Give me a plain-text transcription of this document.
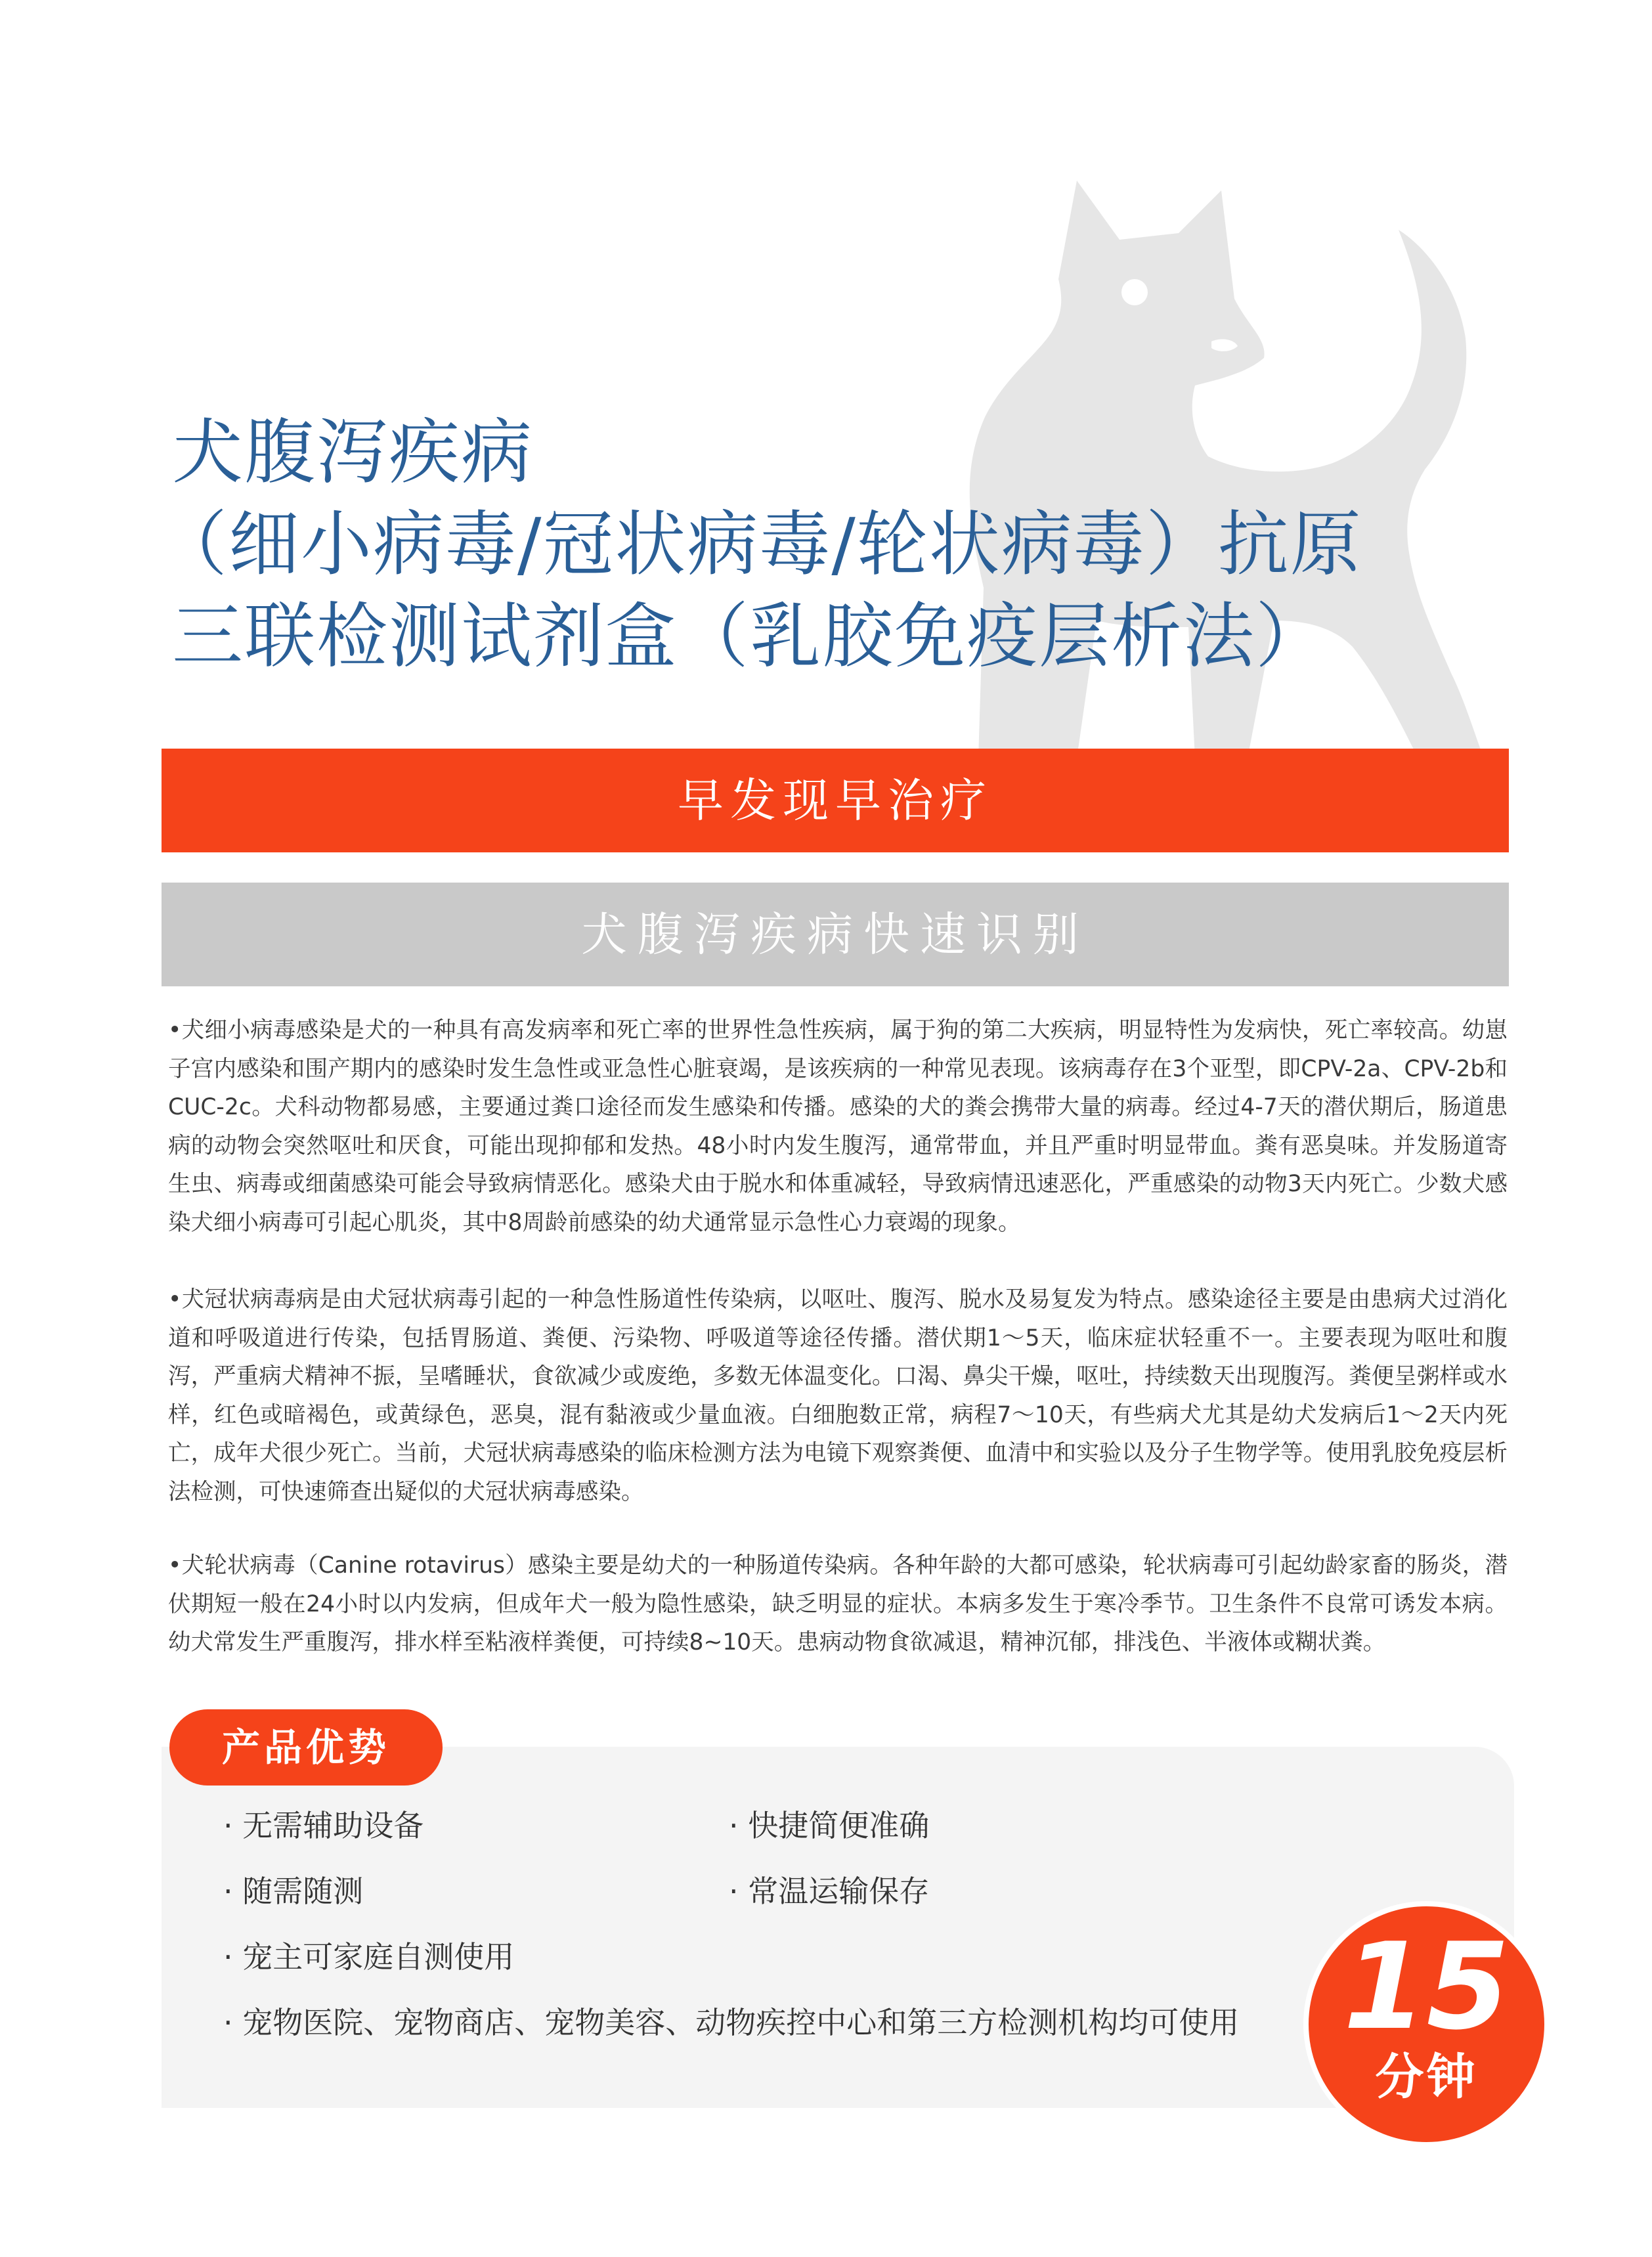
犬腹泻疾病
（细小病毒/冠状病毒/轮状病毒）抗原
三联检测试剂盒（乳胶免疫层析法）
早发现早治疗
犬腹泻疾病快速识别
•犬细小病毒感染是犬的一种具有高发病率和死亡率的世界性急性疾病，属于狗的第二大疾病，明显特性为发病快，死亡率较高。幼崽子宫内感染和围产期内的感染时发生急性或亚急性心脏衰竭，是该疾病的一种常见表现。该病毒存在3个亚型，即CPV-2a、CPV-2b和CUC-2c。犬科动物都易感，主要通过粪口途径而发生感染和传播。感染的犬的粪会携带大量的病毒。经过4-7天的潜伏期后，肠道患病的动物会突然呕吐和厌食，可能出现抑郁和发热。48小时内发生腹泻，通常带血，并且严重时明显带血。粪有恶臭味。并发肠道寄生虫、病毒或细菌感染可能会导致病情恶化。感染犬由于脱水和体重减轻，导致病情迅速恶化，严重感染的动物3天内死亡。少数犬感染犬细小病毒可引起心肌炎，其中8周龄前感染的幼犬通常显示急性心力衰竭的现象。
•犬冠状病毒病是由犬冠状病毒引起的一种急性肠道性传染病，以呕吐、腹泻、脱水及易复发为特点。感染途径主要是由患病犬过消化道和呼吸道进行传染，包括胃肠道、粪便、污染物、呼吸道等途径传播。潜伏期1～5天，临床症状轻重不一。主要表现为呕吐和腹泻，严重病犬精神不振，呈嗜睡状，食欲减少或废绝，多数无体温变化。口渴、鼻尖干燥，呕吐，持续数天出现腹泻。粪便呈粥样或水样，红色或暗褐色，或黄绿色，恶臭，混有黏液或少量血液。白细胞数正常，病程7～10天，有些病犬尤其是幼犬发病后1～2天内死亡，成年犬很少死亡。当前，犬冠状病毒感染的临床检测方法为电镜下观察粪便、血清中和实验以及分子生物学等。使用乳胶免疫层析法检测，可快速筛查出疑似的犬冠状病毒感染。
•犬轮状病毒（Canine rotavirus）感染主要是幼犬的一种肠道传染病。各种年龄的大都可感染，轮状病毒可引起幼龄家畜的肠炎，潜伏期短一般在24小时以内发病，但成年犬一般为隐性感染，缺乏明显的症状。本病多发生于寒冷季节。卫生条件不良常可诱发本病。幼犬常发生严重腹泻，排水样至粘液样粪便，可持续8~10天。患病动物食欲减退，精神沉郁，排浅色、半液体或糊状粪。
产品优势
· 无需辅助设备	· 快捷简便准确
· 随需随测	· 常温运输保存
· 宠主可家庭自测使用
· 宠物医院、宠物商店、宠物美容、动物疾控中心和第三方检测机构均可使用 15
分钟
